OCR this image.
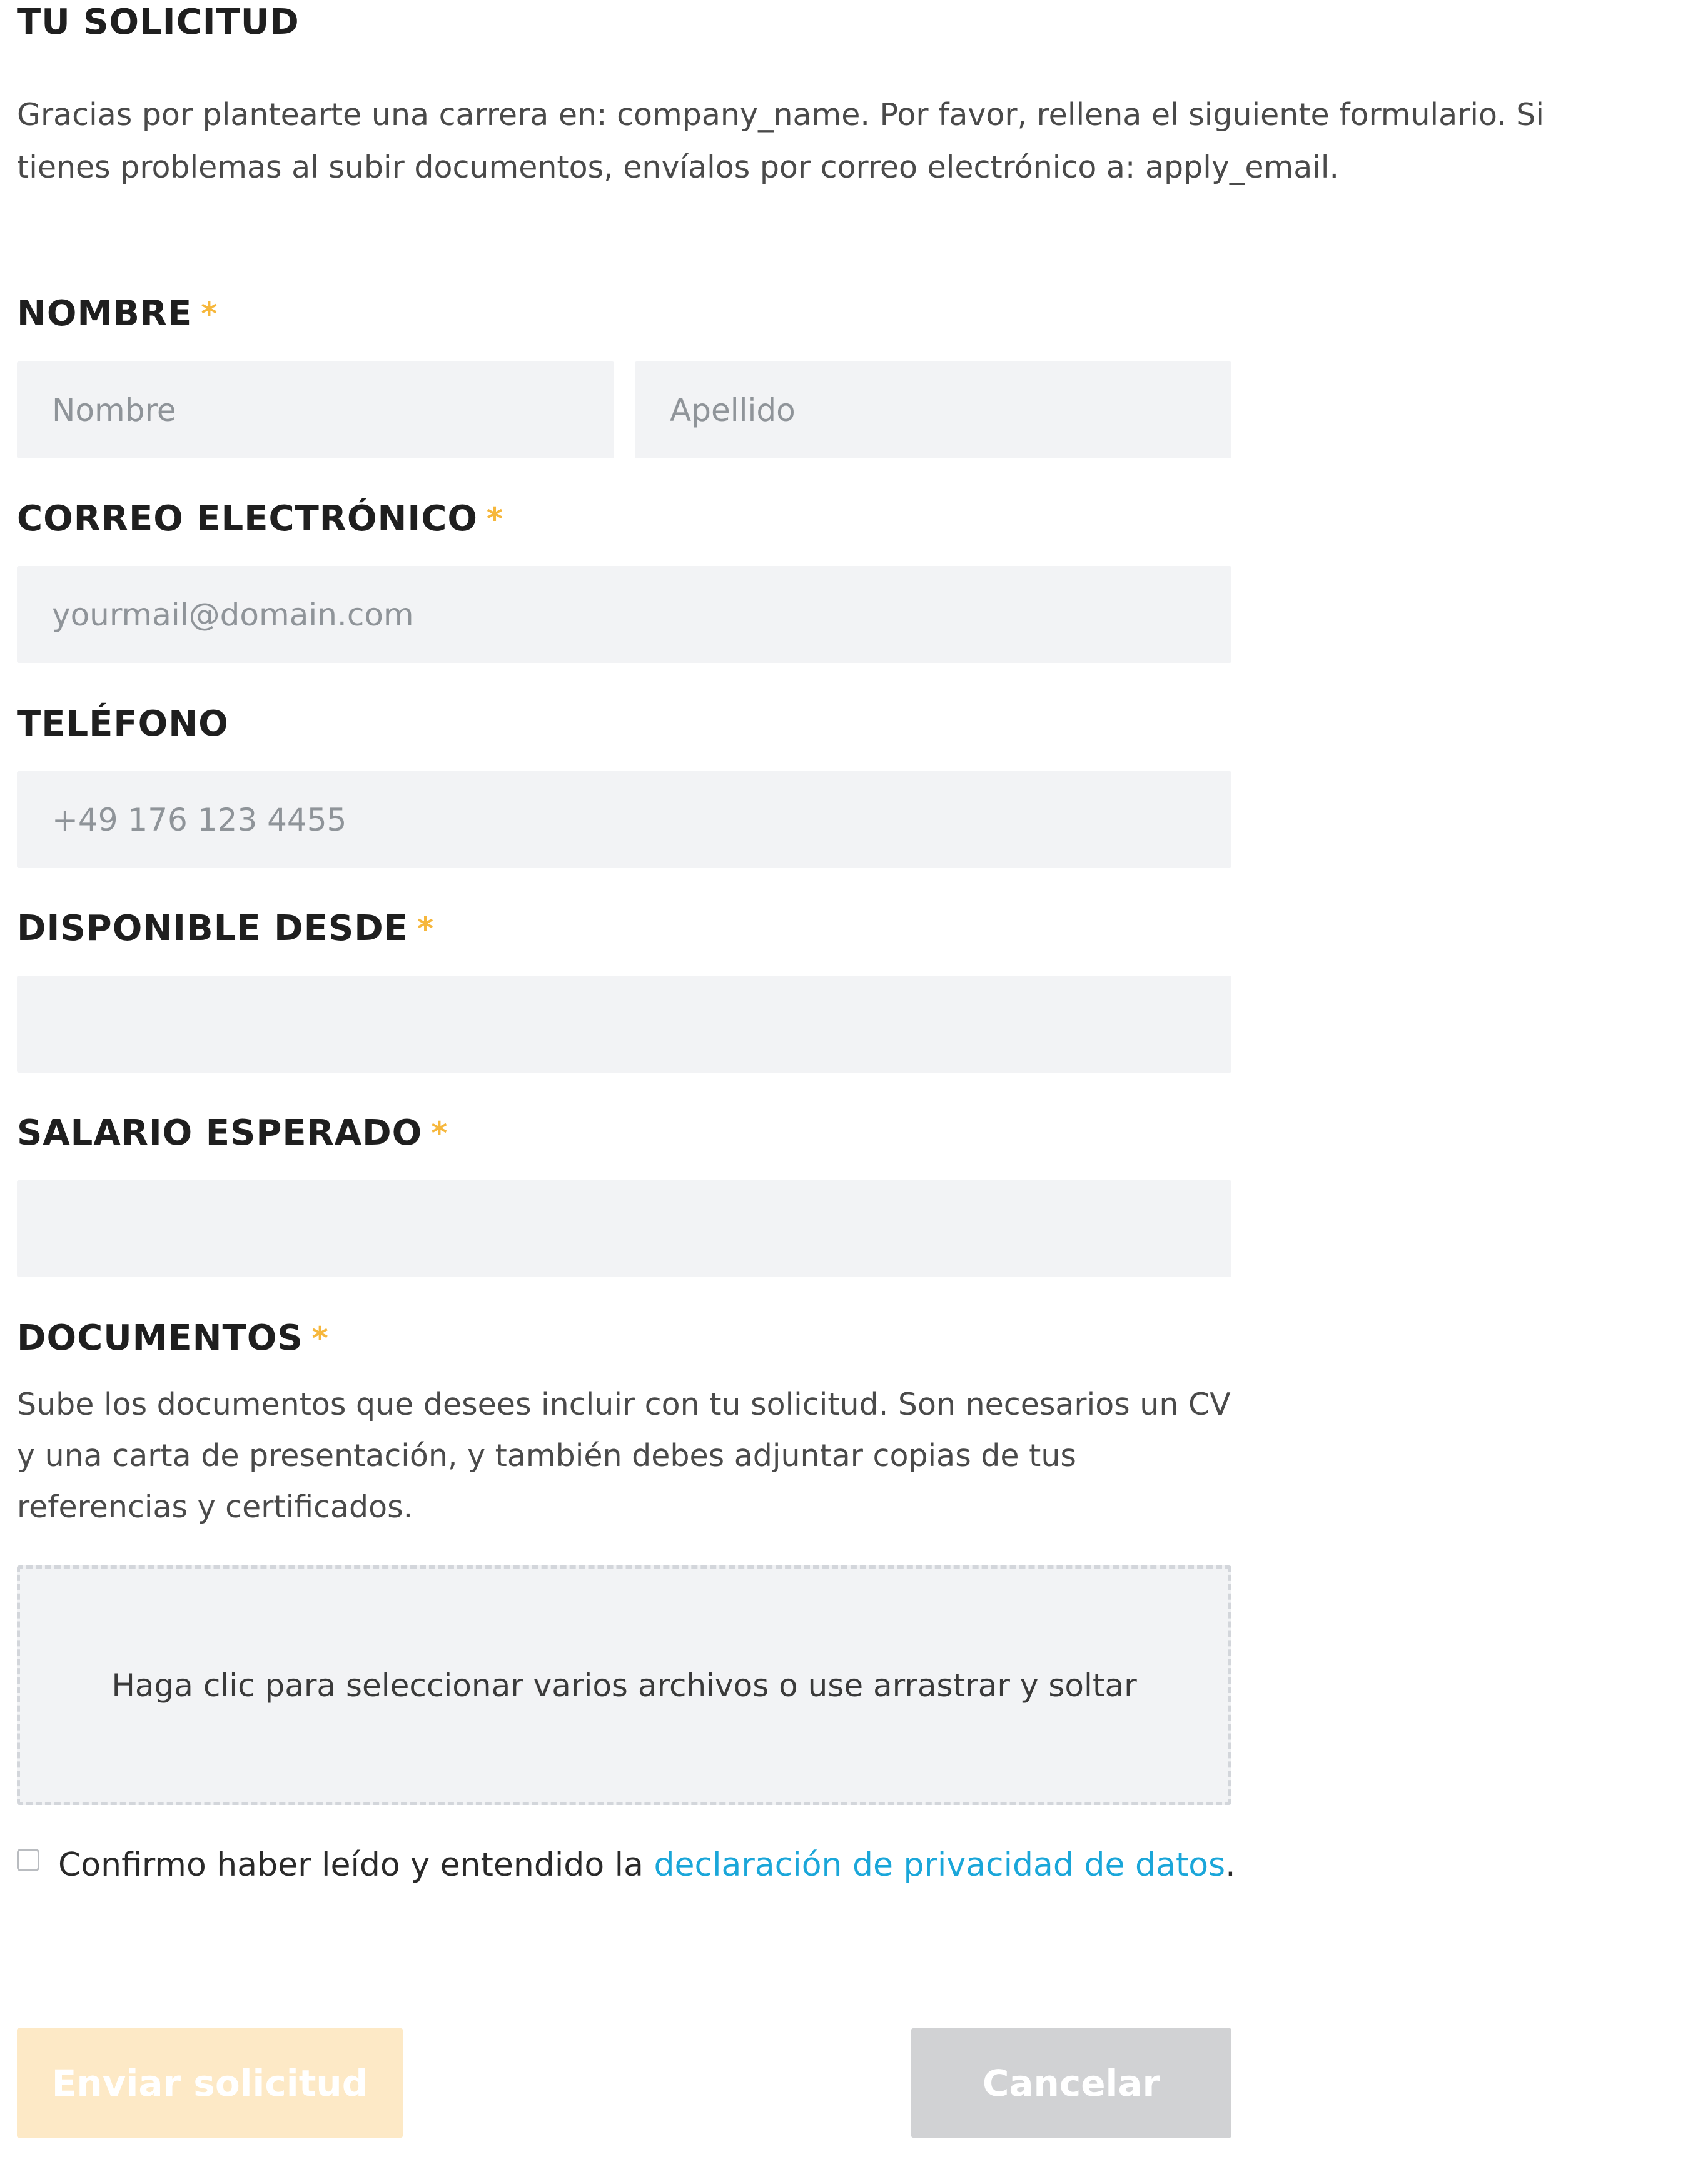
TU SOLICITUD
Gracias por plantearte una carrera en: company_name. Por favor, rellena el siguiente formulario. Si tienes problemas al subir documentos, envíalos por correo electrónico a: apply_email.
NOMBRE *
Nombre
Apellido
CORREO ELECTRÓNICO *
yourmail@domain.com
TELÉFONO
+49 176 123 4455
DISPONIBLE DESDE *
SALARIO ESPERADO *
DOCUMENTOS *
Sube los documentos que desees incluir con tu solicitud. Son necesarios un CV y una carta de presentación, y también debes adjuntar copias de tus referencias y certificados.
Haga clic para seleccionar varios archivos o use arrastrar y soltar
Confirmo haber leído y entendido la declaración de privacidad de datos.
Enviar solicitud	Cancelar
